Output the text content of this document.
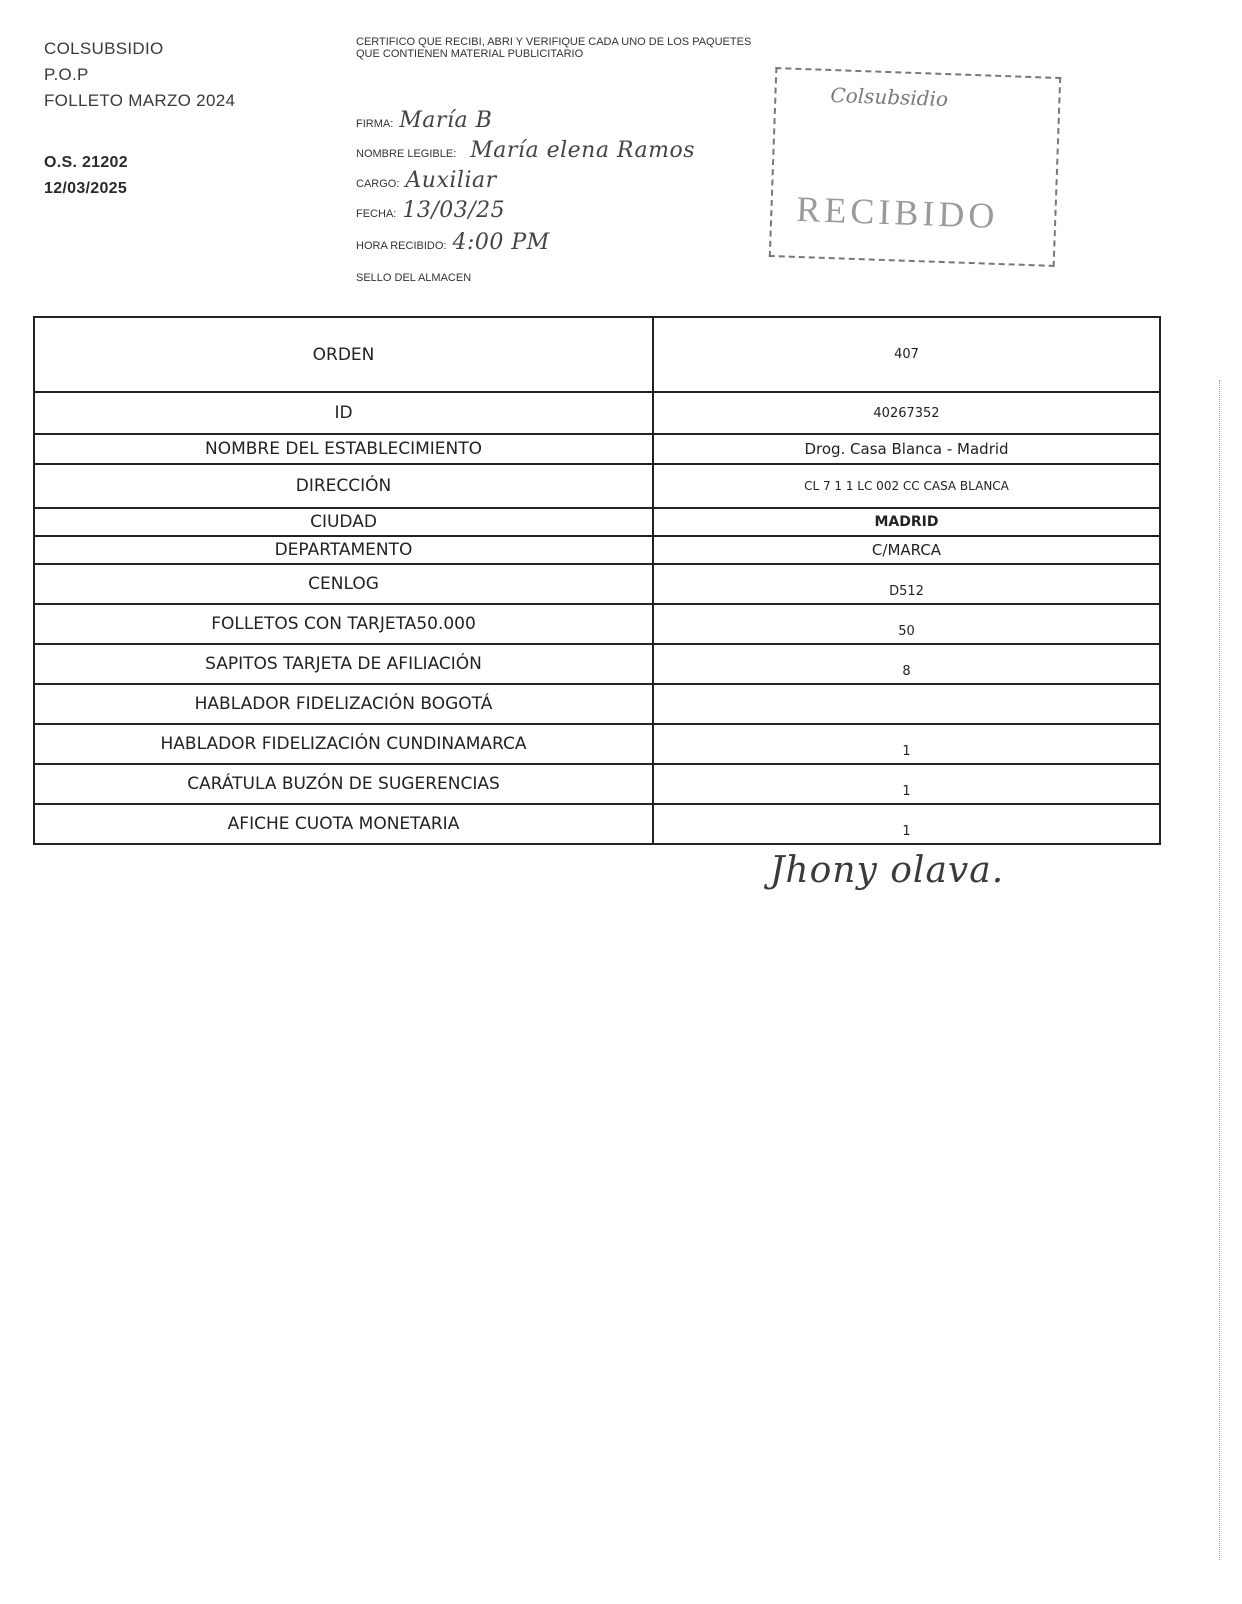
COLSUBSIDIO
P.O.P
FOLLETO MARZO 2024
O.S. 21202
12/03/2025
CERTIFICO QUE RECIBI, ABRI Y VERIFIQUE CADA UNO DE LOS PAQUETES QUE CONTIENEN MATERIAL PUBLICITARIO
FIRMA: María B
NOMBRE LEGIBLE: María elena Ramos
CARGO: Auxiliar
FECHA: 13/03/25
HORA RECIBIDO: 4:00 PM
SELLO DEL ALMACEN
Colsubsidio
RECIBIDO
ORDEN	407
ID	40267352
NOMBRE DEL ESTABLECIMIENTO	Drog. Casa Blanca - Madrid
DIRECCIÓN	CL 7 1 1 LC 002 CC CASA BLANCA
CIUDAD	MADRID
DEPARTAMENTO	C/MARCA
CENLOG	D512
FOLLETOS CON TARJETA50.000	50
SAPITOS TARJETA DE AFILIACIÓN	8
HABLADOR FIDELIZACIÓN BOGOTÁ	
HABLADOR FIDELIZACIÓN CUNDINAMARCA	1
CARÁTULA BUZÓN DE SUGERENCIAS	1
AFICHE CUOTA MONETARIA	1
Jhony olava.
